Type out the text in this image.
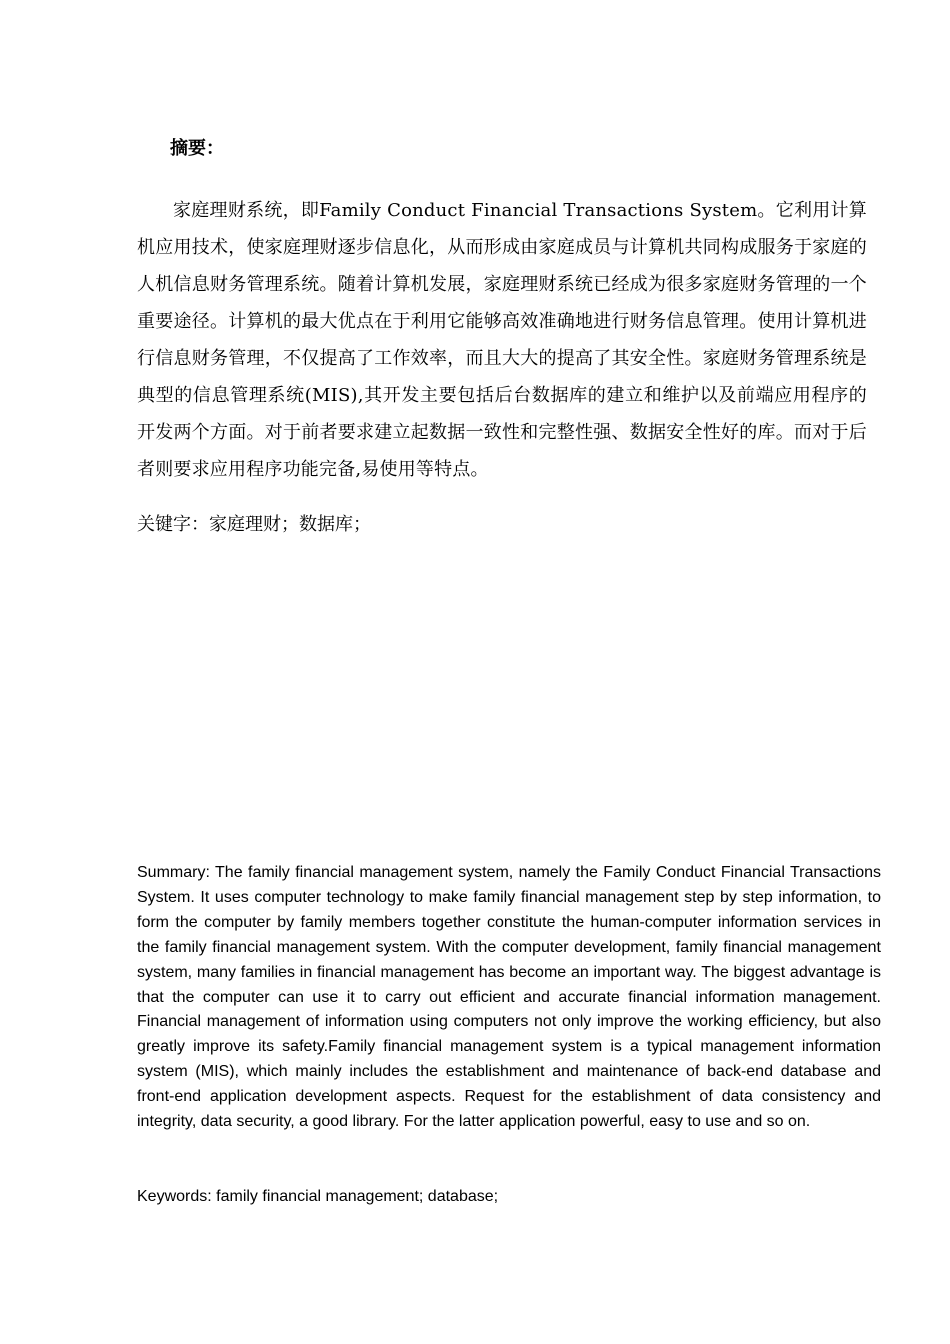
摘要：

家庭理财系统，即Family Conduct Financial Transactions System。它利用计算机应用技术，使家庭理财逐步信息化，从而形成由家庭成员与计算机共同构成服务于家庭的人机信息财务管理系统。随着计算机发展，家庭理财系统已经成为很多家庭财务管理的一个重要途径。计算机的最大优点在于利用它能够高效准确地进行财务信息管理。使用计算机进行信息财务管理，不仅提高了工作效率，而且大大的提高了其安全性。家庭财务管理系统是典型的信息管理系统(MIS),其开发主要包括后台数据库的建立和维护以及前端应用程序的开发两个方面。对于前者要求建立起数据一致性和完整性强、数据安全性好的库。而对于后者则要求应用程序功能完备,易使用等特点。

关键字：家庭理财；数据库；

Summary: The family financial management system, namely the Family Conduct Financial Transactions System. It uses computer technology to make family financial management step by step information, to form the computer by family members together constitute the human-computer information services in the family financial management system. With the computer development, family financial management system, many families in financial management has become an important way. The biggest advantage is that the computer can use it to carry out efficient and accurate financial information management. Financial management of information using computers not only improve the working efficiency, but also greatly improve its safety.Family financial management system is a typical management information system (MIS), which mainly includes the establishment and maintenance of back-end database and front-end application development aspects. Request for the establishment of data consistency and integrity, data security, a good library. For the latter application powerful, easy to use and so on.

Keywords: family financial management; database;
